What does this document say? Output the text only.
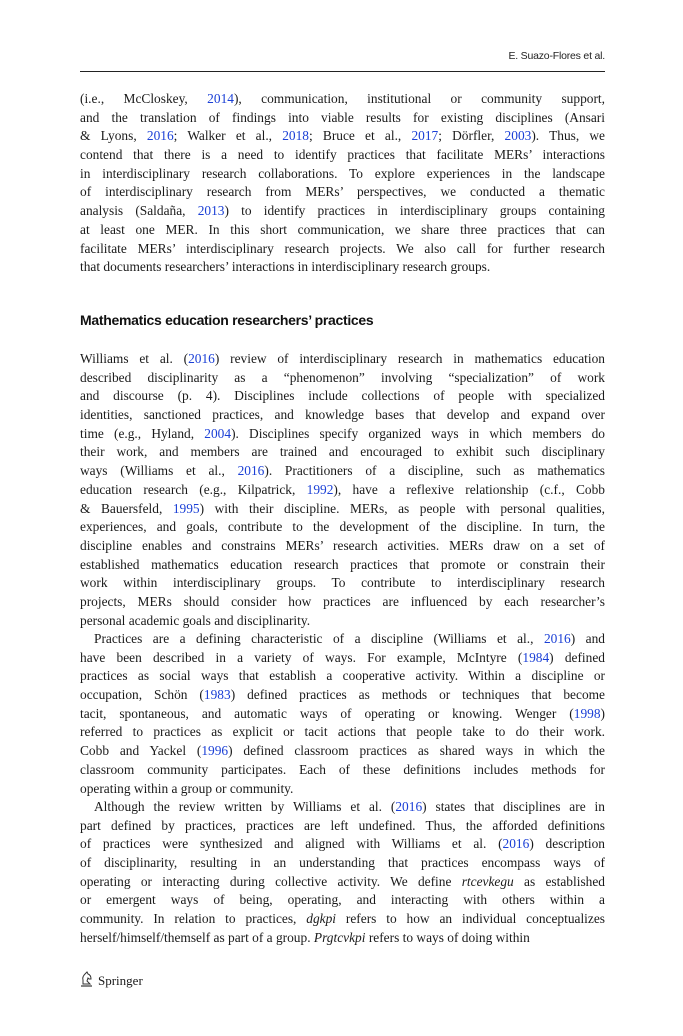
E. Suazo-Flores et al.
(i.e., McCloskey, 2014), communication, institutional or community support,
and the translation of findings into viable results for existing disciplines (Ansari
& Lyons, 2016; Walker et al., 2018; Bruce et al., 2017; Dörfler, 2003). Thus, we
contend that there is a need to identify practices that facilitate MERs’ interactions
in interdisciplinary research collaborations. To explore experiences in the landscape
of interdisciplinary research from MERs’ perspectives, we conducted a thematic
analysis (Saldaña, 2013) to identify practices in interdisciplinary groups containing
at least one MER. In this short communication, we share three practices that can
facilitate MERs’ interdisciplinary research projects. We also call for further research
that documents researchers’ interactions in interdisciplinary research groups.
Mathematics education researchers’ practices
Williams et al. (2016) review of interdisciplinary research in mathematics education
described disciplinarity as a “phenomenon” involving “specialization” of work
and discourse (p. 4). Disciplines include collections of people with specialized
identities, sanctioned practices, and knowledge bases that develop and expand over
time (e.g., Hyland, 2004). Disciplines specify organized ways in which members do
their work, and members are trained and encouraged to exhibit such disciplinary
ways (Williams et al., 2016). Practitioners of a discipline, such as mathematics
education research (e.g., Kilpatrick, 1992), have a reflexive relationship (c.f., Cobb
& Bauersfeld, 1995) with their discipline. MERs, as people with personal qualities,
experiences, and goals, contribute to the development of the discipline. In turn, the
discipline enables and constrains MERs’ research activities. MERs draw on a set of
established mathematics education research practices that promote or constrain their
work within interdisciplinary groups. To contribute to interdisciplinary research
projects, MERs should consider how practices are influenced by each researcher’s
personal academic goals and disciplinarity.
Practices are a defining characteristic of a discipline (Williams et al., 2016) and
have been described in a variety of ways. For example, McIntyre (1984) defined
practices as social ways that establish a cooperative activity. Within a discipline or
occupation, Schön (1983) defined practices as methods or techniques that become
tacit, spontaneous, and automatic ways of operating or knowing. Wenger (1998)
referred to practices as explicit or tacit actions that people take to do their work.
Cobb and Yackel (1996) defined classroom practices as shared ways in which the
classroom community participates. Each of these definitions includes methods for
operating within a group or community.
Although the review written by Williams et al. (2016) states that disciplines are in
part defined by practices, practices are left undefined. Thus, the afforded definitions
of practices were synthesized and aligned with Williams et al. (2016) description
of disciplinarity, resulting in an understanding that practices encompass ways of
operating or interacting during collective activity. We define rtcevkegu as established
or emergent ways of being, operating, and interacting with others within a
community. In relation to practices, dgkpi refers to how an individual conceptualizes
herself/himself/themself as part of a group. Prgtcvkpi refers to ways of doing within
Springer
